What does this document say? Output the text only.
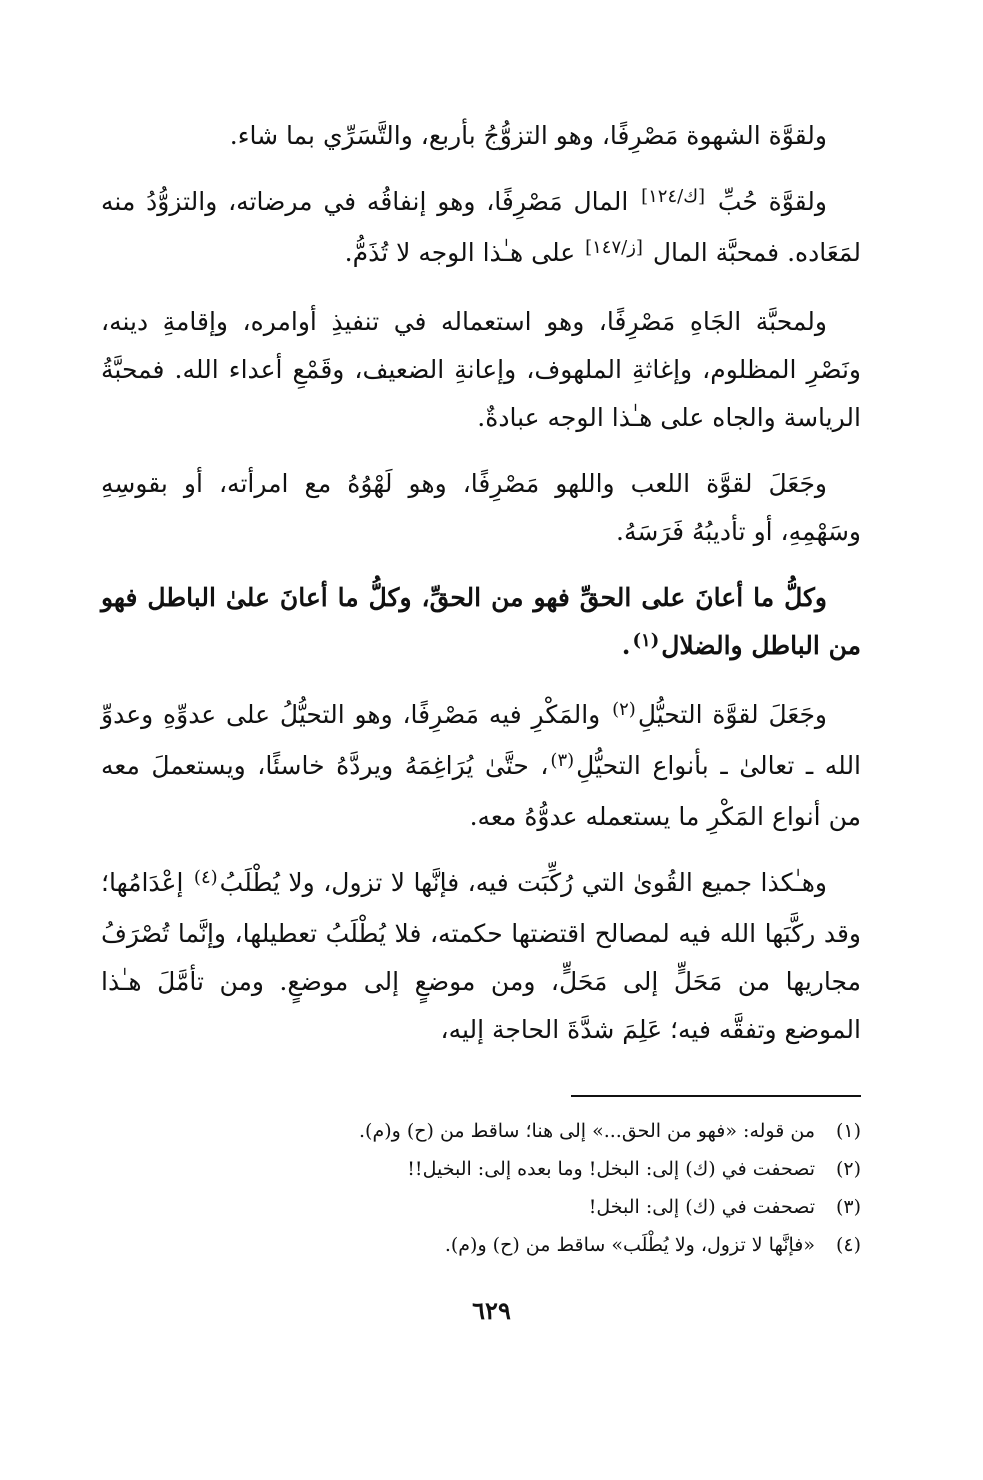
ولقوَّة الشهوة مَصْرِفًا، وهو التزوُّجُ بأربع، والتَّسَرِّي بما شاء.

ولقوَّة حُبِّ [ك/١٢٤] المال مَصْرِفًا، وهو إنفاقُه في مرضاته، والتزوُّدُ منه لمَعَاده. فمحبَّة المال [ز/١٤٧] على هـٰذا الوجه لا تُذَمُّ.

ولمحبَّة الجَاهِ مَصْرِفًا، وهو استعماله في تنفيذِ أوامره، وإقامةِ دينه، ونَصْرِ المظلوم، وإغاثةِ الملهوف، وإعانةِ الضعيف، وقَمْعِ أعداء الله. فمحبَّةُ الرياسة والجاه على هـٰذا الوجه عبادةٌ.

وجَعَلَ لقوَّة اللعب واللهو مَصْرِفًا، وهو لَهْوُهُ مع امرأته، أو بقوسِهِ وسَهْمِهِ، أو تأديبُهُ فَرَسَهُ.

وكلُّ ما أعانَ على الحقِّ فهو من الحقِّ، وكلُّ ما أعانَ علىٰ الباطل فهو من الباطل والضلال$^{(١)}$.

وجَعَلَ لقوَّة التحيُّلِ$^{(٢)}$ والمَكْرِ فيه مَصْرِفًا، وهو التحيُّلُ على عدوِّهِ وعدوِّ الله ـ تعالىٰ ـ بأنواع التحيُّلِ$^{(٣)}$، حتَّىٰ يُرَاغِمَهُ ويردَّهُ خاسئًا، ويستعملَ معه من أنواع المَكْرِ ما يستعمله عدوُّهُ معه.

وهـٰكذا جميع القُوىٰ التي رُكِّبَت فيه، فإنَّها لا تزول، ولا يُطْلَبُ$^{(٤)}$ إعْدَامُها؛ وقد ركَّبَها الله فيه لمصالح اقتضتها حكمته، فلا يُطْلَبُ تعطيلها، وإنَّما تُصْرَفُ مجاريها من مَحَلٍّ إلى مَحَلٍّ، ومن موضعٍ إلى موضعٍ. ومن تأمَّلَ هـٰذا الموضع وتفقَّه فيه؛ عَلِمَ شدَّةَ الحاجة إليه،

(١)
من قوله: «فهو من الحق...» إلى هنا؛ ساقط من (ح) و(م).
(٢)
تصحفت في (ك) إلى: البخل! وما بعده إلى: البخيل!!
(٣)
تصحفت في (ك) إلى: البخل!
(٤)
«فإنَّها لا تزول، ولا يُطْلَب» ساقط من (ح) و(م).
٦٢٩
